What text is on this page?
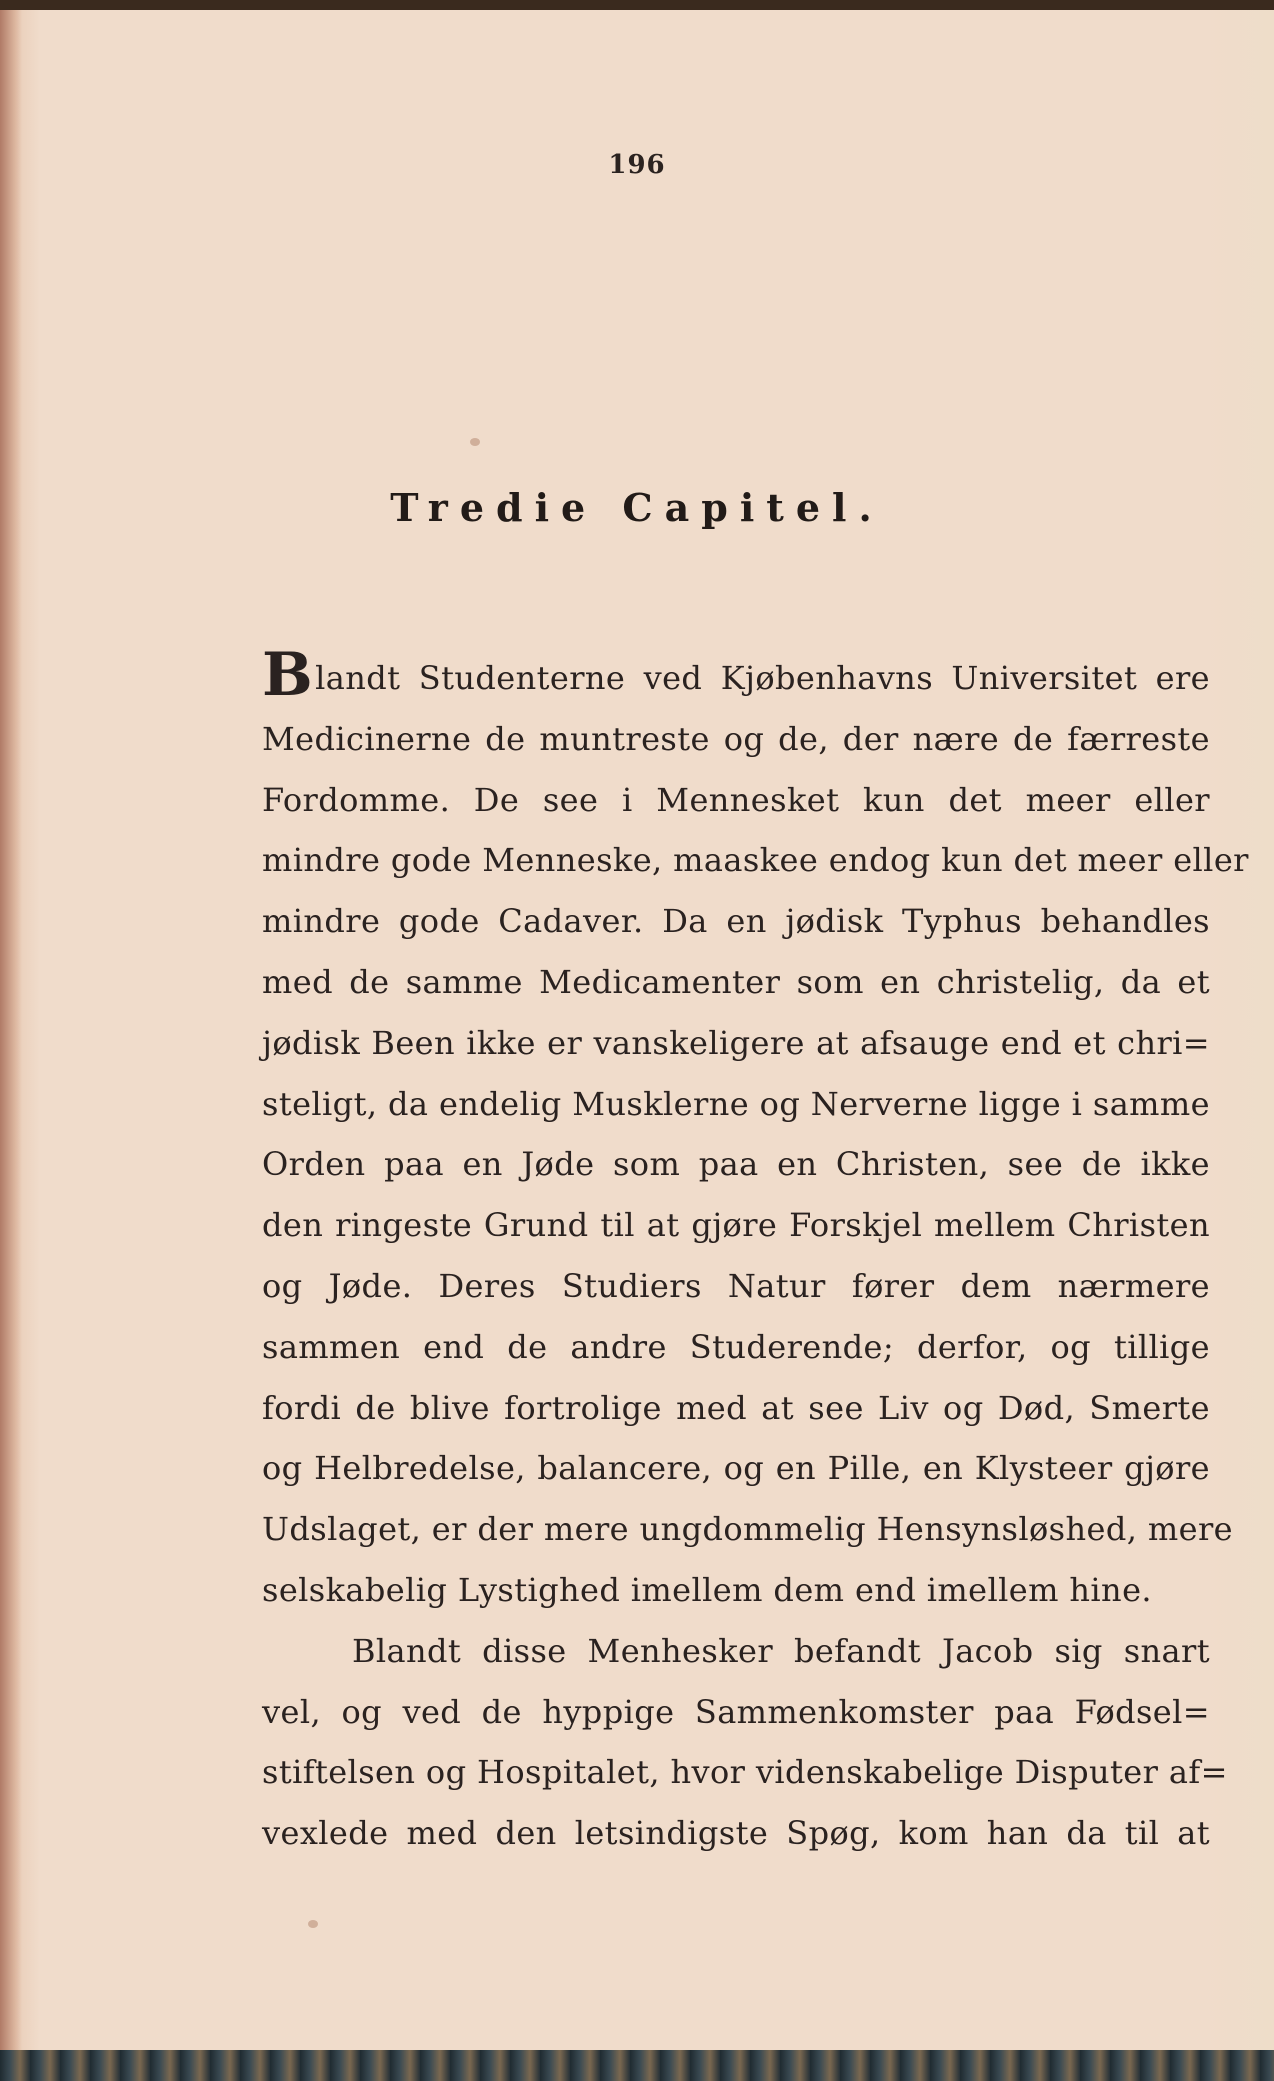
196
Tredie Capitel.
Blandt Studenterne ved Kjøbenhavns Universitet ere
Medicinerne de muntreste og de, der nære de færreste
Fordomme. De see i Mennesket kun det meer eller
mindre gode Menneske, maaskee endog kun det meer eller
mindre gode Cadaver. Da en jødisk Typhus behandles
med de samme Medicamenter som en christelig, da et
jødisk Been ikke er vanskeligere at afsauge end et chri=
steligt, da endelig Musklerne og Nerverne ligge i samme
Orden paa en Jøde som paa en Christen, see de ikke
den ringeste Grund til at gjøre Forskjel mellem Christen
og Jøde. Deres Studiers Natur fører dem nærmere
sammen end de andre Studerende; derfor, og tillige
fordi de blive fortrolige med at see Liv og Død, Smerte
og Helbredelse, balancere, og en Pille, en Klysteer gjøre
Udslaget, er der mere ungdommelig Hensynsløshed, mere
selskabelig Lystighed imellem dem end imellem hine.
Blandt disse Menhesker befandt Jacob sig snart
vel, og ved de hyppige Sammenkomster paa Fødsel=
stiftelsen og Hospitalet, hvor videnskabelige Disputer af=
vexlede med den letsindigste Spøg, kom han da til at
